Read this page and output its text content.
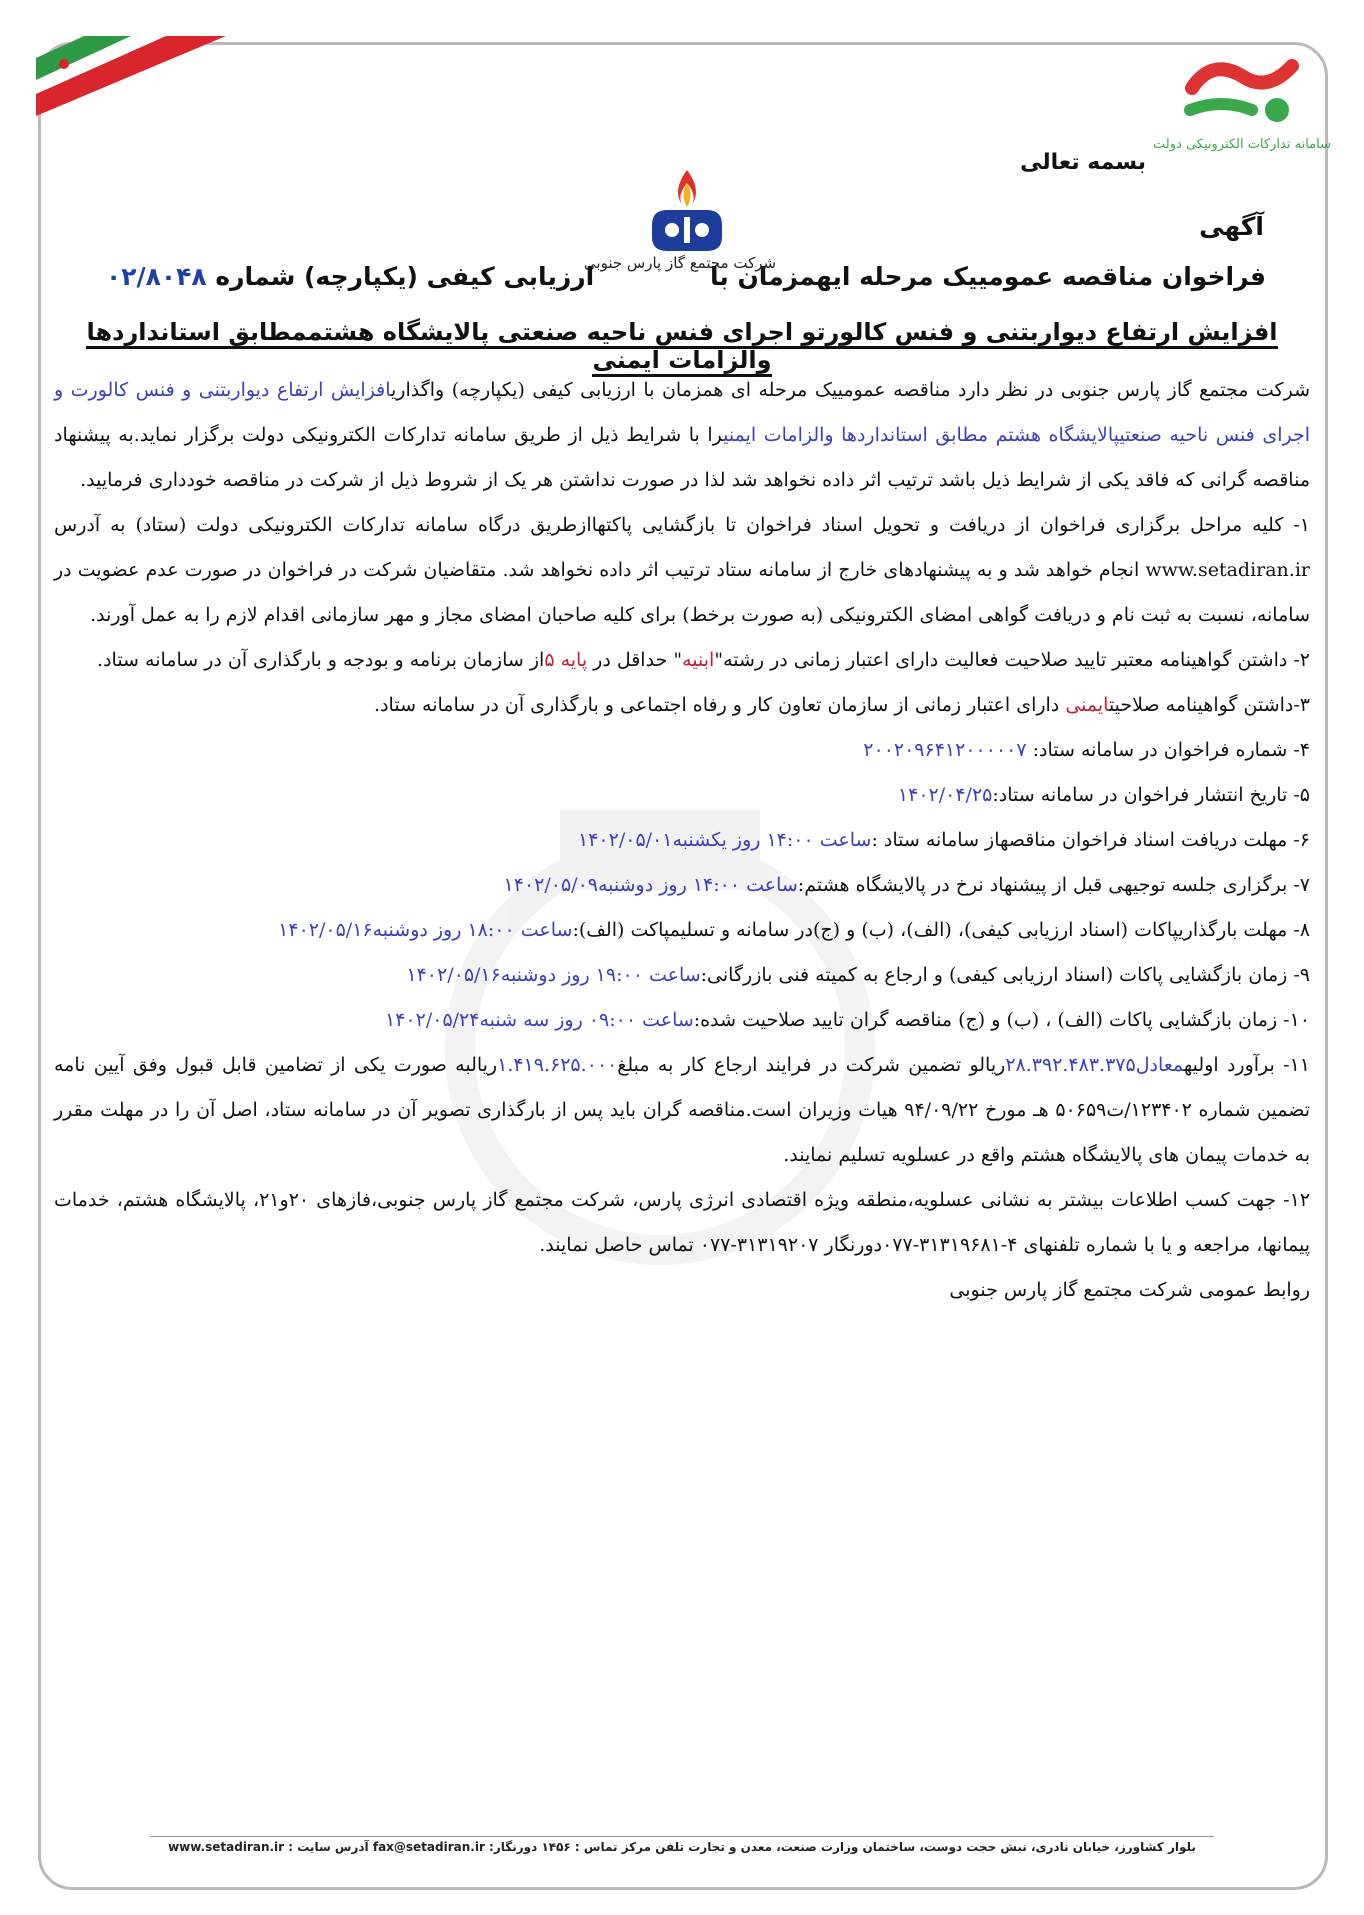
سامانه تدارکات الکترونیکی دولت
شرکت مجتمع گاز پارس جنوبی
بسمه تعالی
آگهی
فراخوان مناقصه عمومییک مرحله ایهمزمان با
ارزیابی کیفی (یکپارچه) شماره ۰۲/۸۰۴۸
افزایش ارتفاع دیواربتنی و فنس کالورتو اجرای فنس ناحیه صنعتی پالایشگاه هشتممطابق استانداردها والزامات ایمنی

شرکت مجتمع گاز پارس جنوبی در نظر دارد مناقصه عمومییک مرحله ای همزمان با ارزیابی کیفی (یکپارچه) واگذاریافزایش ارتفاع دیواربتنی و فنس کالورت و اجرای فنس ناحیه صنعتیپالایشگاه هشتم مطابق استانداردها والزامات ایمنیرا با شرایط ذیل از طریق سامانه تدارکات الکترونیکی دولت برگزار نماید.به پیشنهاد مناقصه گرانی که فاقد یکی از شرایط ذیل باشد ترتیب اثر داده نخواهد شد لذا در صورت نداشتن هر یک از شروط ذیل از شرکت در مناقصه خودداری فرمایید.

۱- کلیه مراحل برگزاری فراخوان از دریافت و تحویل اسناد فراخوان تا بازگشایی پاکتهاازطریق درگاه سامانه تدارکات الکترونیکی دولت (ستاد) به آدرس www.setadiran.ir انجام خواهد شد و به پیشنهادهای خارج از سامانه ستاد ترتیب اثر داده نخواهد شد. متقاضیان شرکت در فراخوان در صورت عدم عضویت در سامانه، نسبت به ثبت نام و دریافت گواهی امضای الکترونیکی (به صورت برخط) برای کلیه صاحبان امضای مجاز و مهر سازمانی اقدام لازم را به عمل آورند.

۲- داشتن گواهینامه معتبر تایید صلاحیت فعالیت دارای اعتبار زمانی در رشته"ابنیه" حداقل در پایه ۵از سازمان برنامه و بودجه و بارگذاری آن در سامانه ستاد.

۳-داشتن گواهینامه صلاحیتایمنی دارای اعتبار زمانی از سازمان تعاون کار و رفاه اجتماعی و بارگذاری آن در سامانه ستاد.

۴- شماره فراخوان در سامانه ستاد: ۲۰۰۲۰۹۶۴۱۲۰۰۰۰۰۷

۵- تاریخ انتشار فراخوان در سامانه ستاد:۱۴۰۲/۰۴/۲۵

۶- مهلت دریافت اسناد فراخوان مناقصهاز سامانه ستاد :ساعت ۱۴:۰۰ روز یکشنبه۱۴۰۲/۰۵/۰۱

۷- برگزاری جلسه توجیهی قبل از پیشنهاد نرخ در پالایشگاه هشتم:ساعت ۱۴:۰۰ روز دوشنبه۱۴۰۲/۰۵/۰۹

۸- مهلت بارگذاریپاکات (اسناد ارزیابی کیفی)، (الف)، (ب) و (ج)در سامانه و تسلیمپاکت (الف):ساعت ۱۸:۰۰ روز دوشنبه۱۴۰۲/۰۵/۱۶

۹- زمان بازگشایی پاکات (اسناد ارزیابی کیفی) و ارجاع به کمیته فنی بازرگانی:ساعت ۱۹:۰۰ روز دوشنبه۱۴۰۲/۰۵/۱۶

۱۰- زمان بازگشایی پاکات (الف) ، (ب) و (ج) مناقصه گران تایید صلاحیت شده:ساعت ۰۹:۰۰ روز سه شنبه۱۴۰۲/۰۵/۲۴

۱۱- برآورد اولیهمعادل۲۸.۳۹۲.۴۸۳.۳۷۵ریالو تضمین شرکت در فرایند ارجاع کار به مبلغ۱.۴۱۹.۶۲۵.۰۰۰ریالبه صورت یکی از تضامین قابل قبول وفق آیین نامه تضمین شماره ۱۲۳۴۰۲/ت۵۰۶۵۹ هـ مورخ ۹۴/۰۹/۲۲ هیات وزیران است.مناقصه گران باید پس از بارگذاری تصویر آن در سامانه ستاد، اصل آن را در مهلت مقرر به خدمات پیمان های پالایشگاه هشتم واقع در عسلویه تسلیم نمایند.

۱۲- جهت کسب اطلاعات بیشتر به نشانی عسلویه،منطقه ویژه اقتصادی انرژی پارس، شرکت مجتمع گاز پارس جنوبی،فازهای ۲۰و۲۱، پالایشگاه هشتم، خدمات پیمانها، مراجعه و یا با شماره تلفنهای ۴-۳۱۳۱۹۶۸۱-۰۷۷دورنگار ۳۱۳۱۹۲۰۷-۰۷۷ تماس حاصل نمایند.

روابط عمومی شرکت مجتمع گاز پارس جنوبی

بلوار کشاورز، خیابان نادری، نبش حجت دوست، ساختمان وزارت صنعت، معدن و تجارت تلفن مرکز تماس : ۱۴۵۶ دورنگار: fax@setadiran.ir آدرس سایت : www.setadiran.ir
